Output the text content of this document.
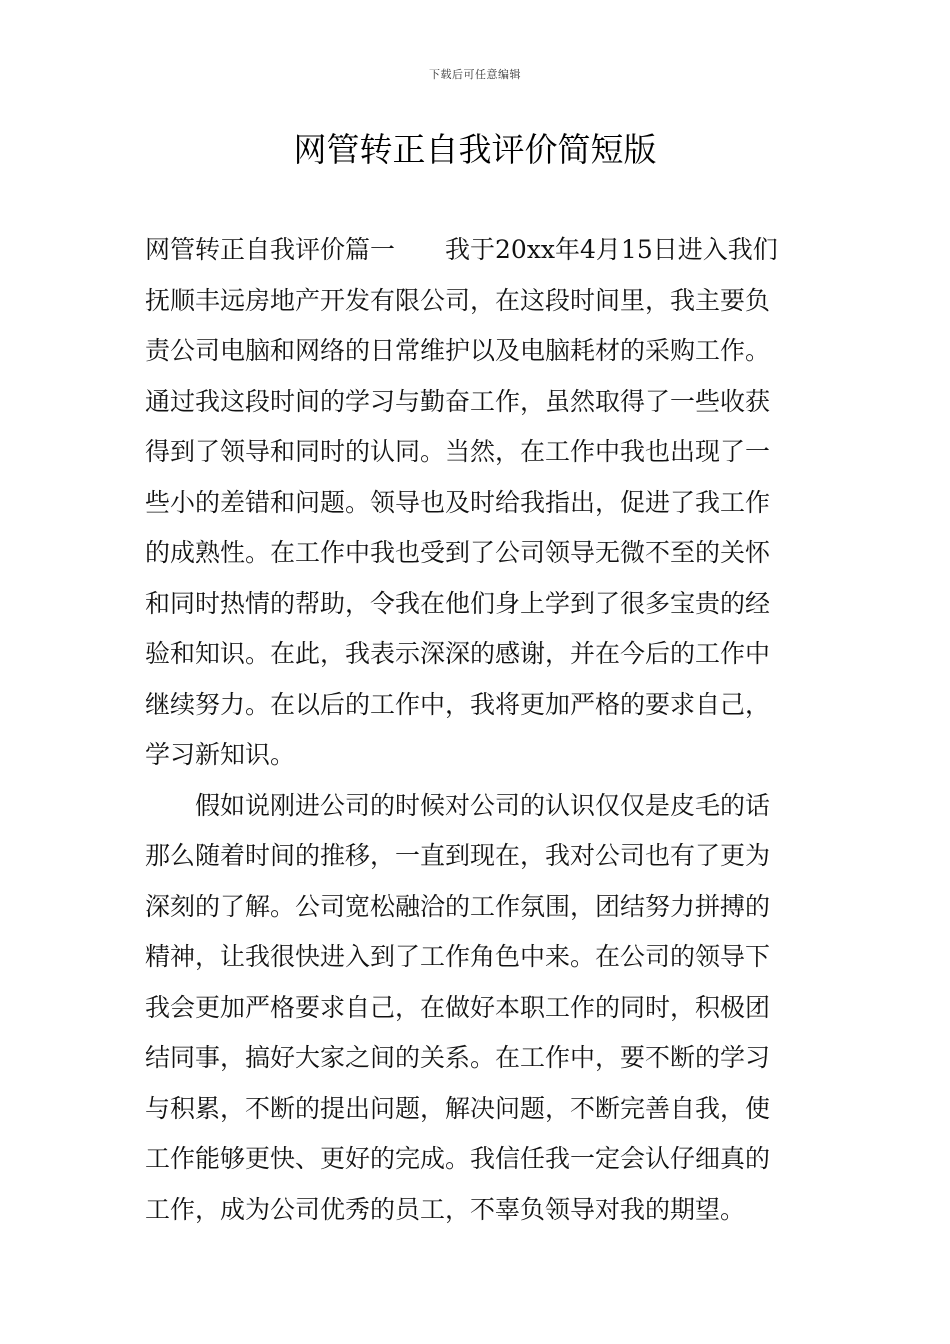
下载后可任意编辑
网管转正自我评价简短版
网管转正自我评价篇一　　我于20xx年4月15日进入我们
抚顺丰远房地产开发有限公司，在这段时间里，我主要负
责公司电脑和网络的日常维护以及电脑耗材的采购工作。
通过我这段时间的学习与勤奋工作，虽然取得了一些收获
得到了领导和同时的认同。当然，在工作中我也出现了一
些小的差错和问题。领导也及时给我指出，促进了我工作
的成熟性。在工作中我也受到了公司领导无微不至的关怀
和同时热情的帮助，令我在他们身上学到了很多宝贵的经
验和知识。在此，我表示深深的感谢，并在今后的工作中
继续努力。在以后的工作中，我将更加严格的要求自己，
学习新知识。
假如说刚进公司的时候对公司的认识仅仅是皮毛的话
那么随着时间的推移，一直到现在，我对公司也有了更为
深刻的了解。公司宽松融洽的工作氛围，团结努力拼搏的
精神，让我很快进入到了工作角色中来。在公司的领导下
我会更加严格要求自己，在做好本职工作的同时，积极团
结同事，搞好大家之间的关系。在工作中，要不断的学习
与积累，不断的提出问题，解决问题，不断完善自我，使
工作能够更快、更好的完成。我信任我一定会认仔细真的
工作，成为公司优秀的员工，不辜负领导对我的期望。
